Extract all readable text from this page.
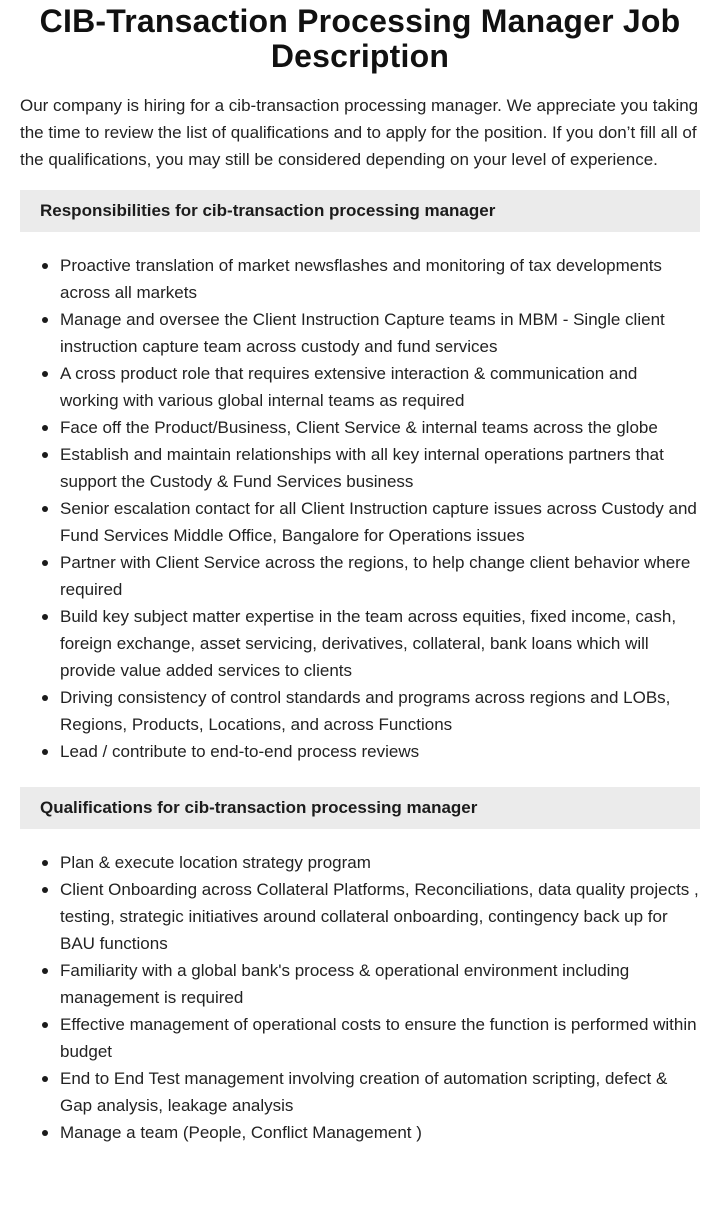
CIB-Transaction Processing Manager Job Description

Our company is hiring for a cib-transaction processing manager. We appreciate you taking the time to review the list of qualifications and to apply for the position. If you don’t fill all of the qualifications, you may still be considered depending on your level of experience.

Responsibilities for cib-transaction processing manager
Proactive translation of market newsflashes and monitoring of tax developments across all markets
Manage and oversee the Client Instruction Capture teams in MBM - Single client instruction capture team across custody and fund services
A cross product role that requires extensive interaction & communication and working with various global internal teams as required
Face off the Product/Business, Client Service & internal teams across the globe
Establish and maintain relationships with all key internal operations partners that support the Custody & Fund Services business
Senior escalation contact for all Client Instruction capture issues across Custody and Fund Services Middle Office, Bangalore for Operations issues
Partner with Client Service across the regions, to help change client behavior where required
Build key subject matter expertise in the team across equities, fixed income, cash, foreign exchange, asset servicing, derivatives, collateral, bank loans which will provide value added services to clients
Driving consistency of control standards and programs across regions and LOBs, Regions, Products, Locations, and across Functions
Lead / contribute to end-to-end process reviews
Qualifications for cib-transaction processing manager
Plan & execute location strategy program
Client Onboarding across Collateral Platforms, Reconciliations, data quality projects , testing, strategic initiatives around collateral onboarding, contingency back up for BAU functions
Familiarity with a global bank's process & operational environment including management is required
Effective management of operational costs to ensure the function is performed within budget
End to End Test management involving creation of automation scripting, defect & Gap analysis, leakage analysis
Manage a team (People, Conflict Management )
